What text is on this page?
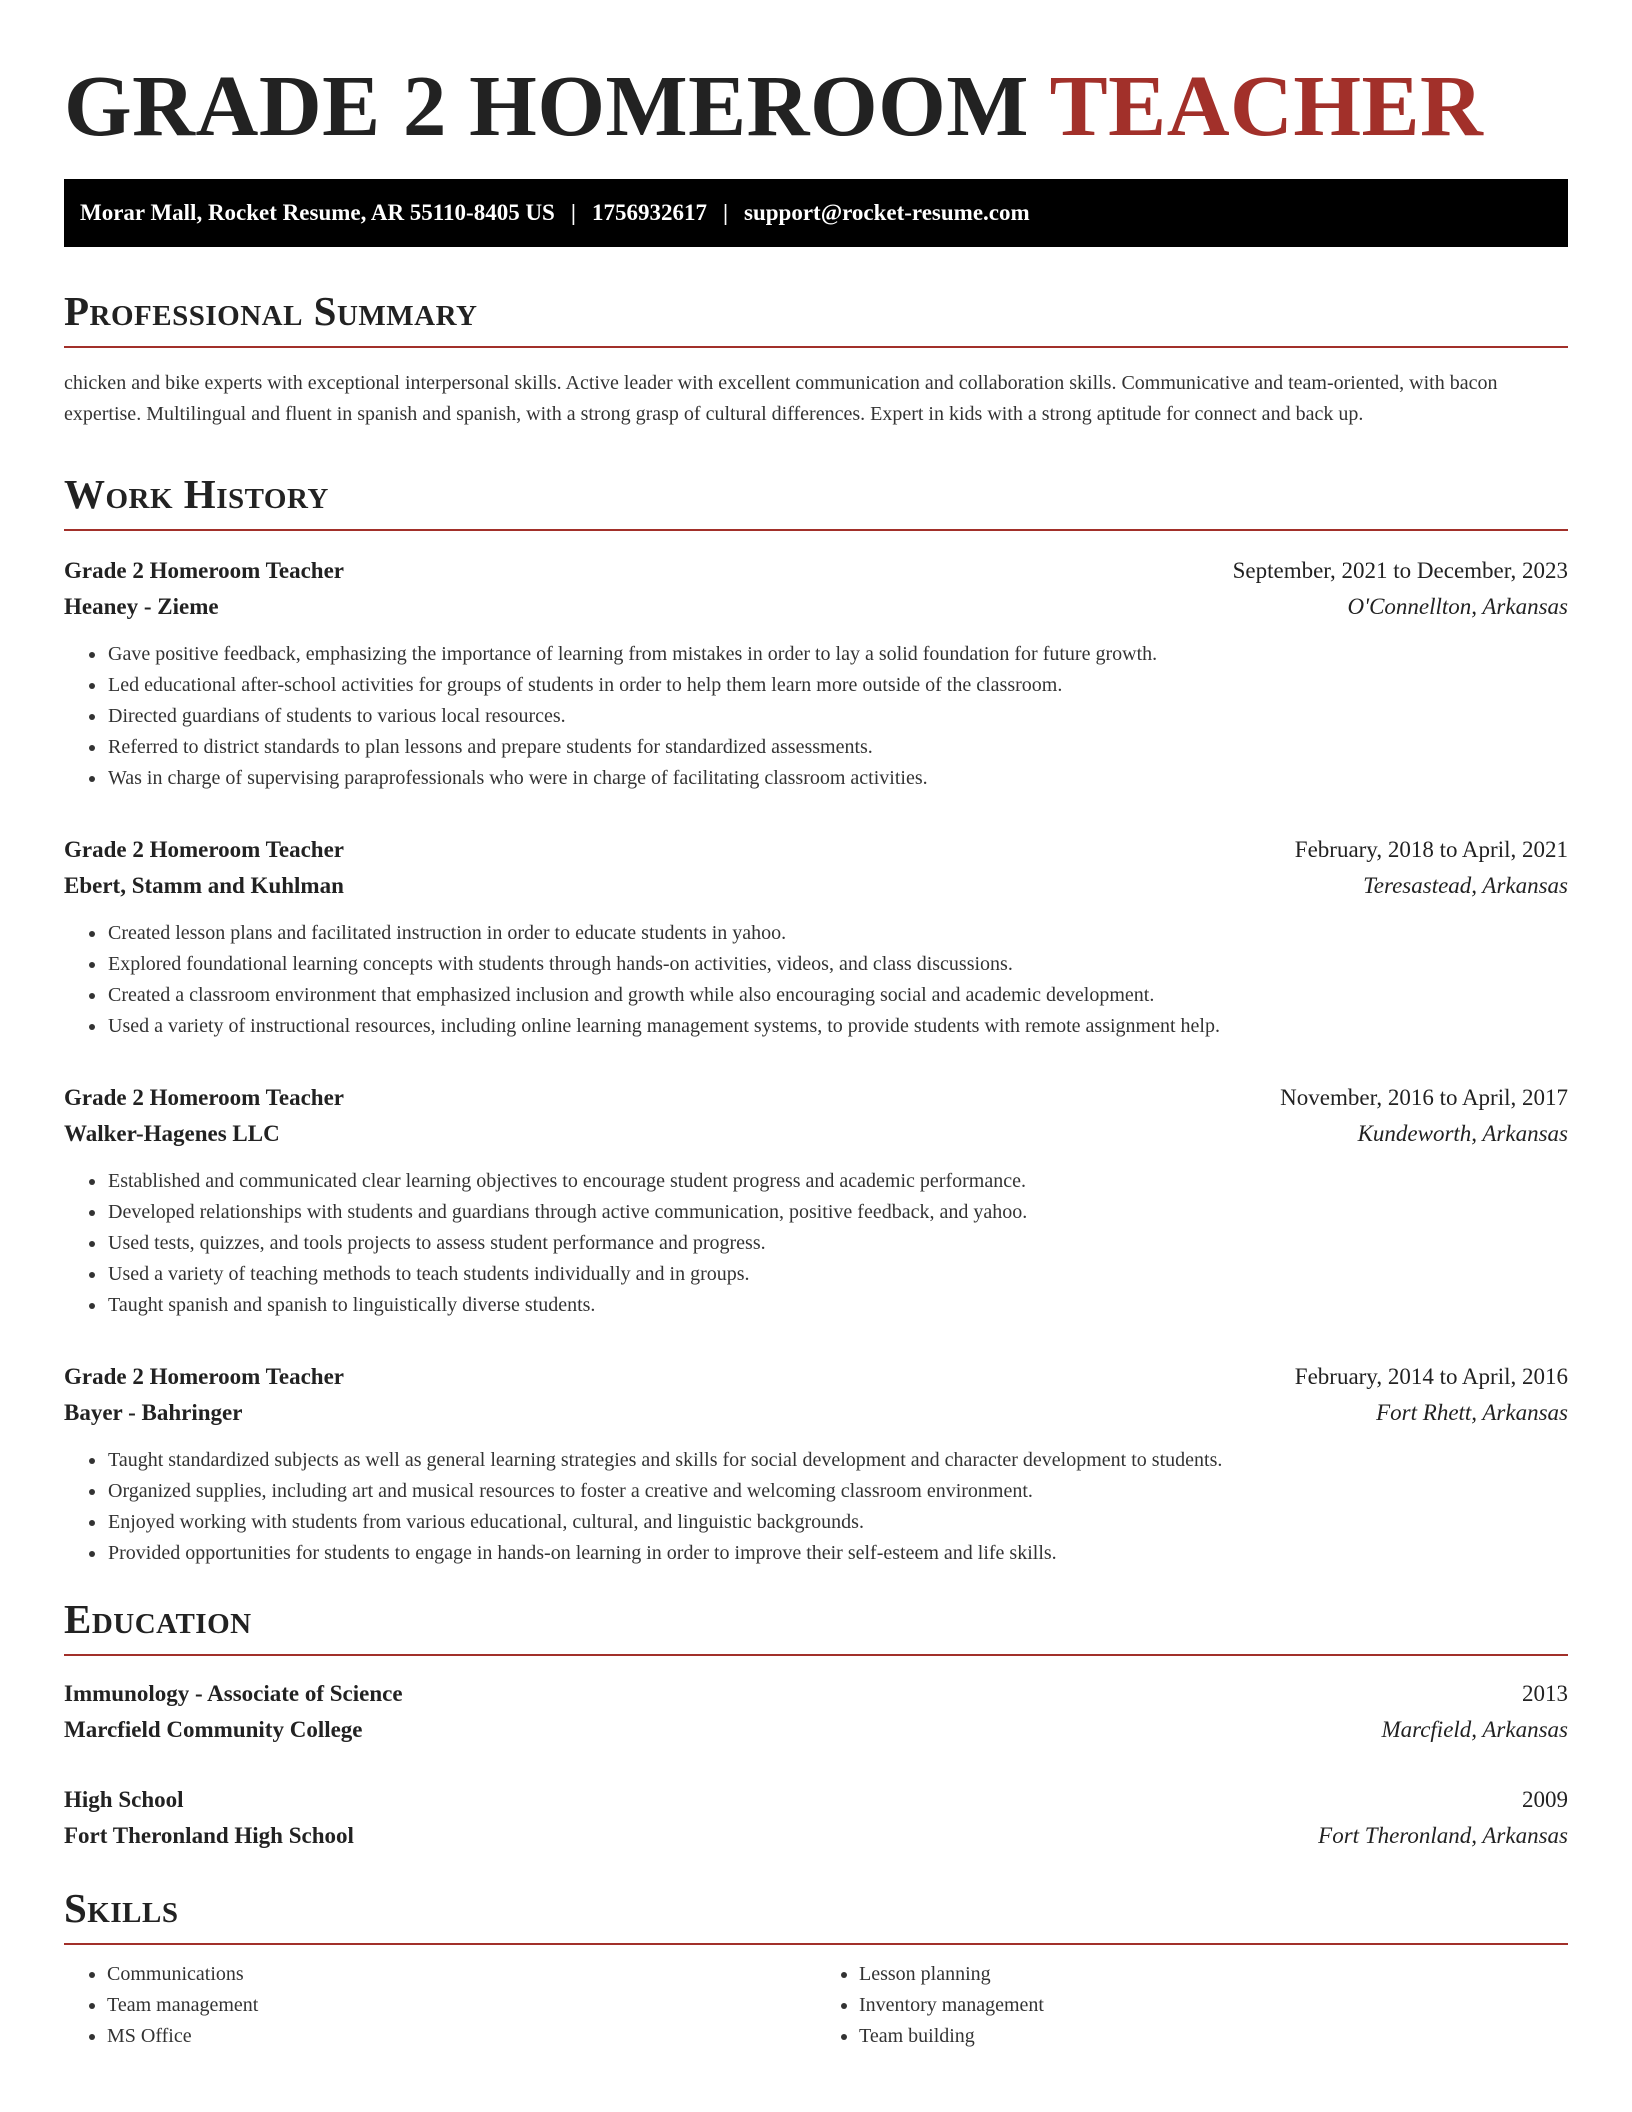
GRADE 2 HOMEROOM TEACHER
Morar Mall, Rocket Resume, AR 55110-8405 US | 1756932617 | support@rocket-resume.com
Professional Summary

chicken and bike experts with exceptional interpersonal skills. Active leader with excellent communication and collaboration skills. Communicative and team-oriented, with bacon expertise. Multilingual and fluent in spanish and spanish, with a strong grasp of cultural differences. Expert in kids with a strong aptitude for connect and back up.

Work History
Grade 2 Homeroom Teacher	September, 2021 to December, 2023
Heaney - Zieme	O'Connellton, Arkansas
• Gave positive feedback, emphasizing the importance of learning from mistakes in order to lay a solid foundation for future growth.
• Led educational after-school activities for groups of students in order to help them learn more outside of the classroom.
• Directed guardians of students to various local resources.
• Referred to district standards to plan lessons and prepare students for standardized assessments.
• Was in charge of supervising paraprofessionals who were in charge of facilitating classroom activities.
Grade 2 Homeroom Teacher	February, 2018 to April, 2021
Ebert, Stamm and Kuhlman	Teresastead, Arkansas
• Created lesson plans and facilitated instruction in order to educate students in yahoo.
• Explored foundational learning concepts with students through hands-on activities, videos, and class discussions.
• Created a classroom environment that emphasized inclusion and growth while also encouraging social and academic development.
• Used a variety of instructional resources, including online learning management systems, to provide students with remote assignment help.
Grade 2 Homeroom Teacher	November, 2016 to April, 2017
Walker-Hagenes LLC	Kundeworth, Arkansas
• Established and communicated clear learning objectives to encourage student progress and academic performance.
• Developed relationships with students and guardians through active communication, positive feedback, and yahoo.
• Used tests, quizzes, and tools projects to assess student performance and progress.
• Used a variety of teaching methods to teach students individually and in groups.
• Taught spanish and spanish to linguistically diverse students.
Grade 2 Homeroom Teacher	February, 2014 to April, 2016
Bayer - Bahringer	Fort Rhett, Arkansas
• Taught standardized subjects as well as general learning strategies and skills for social development and character development to students.
• Organized supplies, including art and musical resources to foster a creative and welcoming classroom environment.
• Enjoyed working with students from various educational, cultural, and linguistic backgrounds.
• Provided opportunities for students to engage in hands-on learning in order to improve their self-esteem and life skills.
Education
Immunology - Associate of Science	2013
Marcfield Community College	Marcfield, Arkansas
High School	2009
Fort Theronland High School	Fort Theronland, Arkansas
Skills
• Communications
• Team management
• MS Office
• Lesson planning
• Inventory management
• Team building
